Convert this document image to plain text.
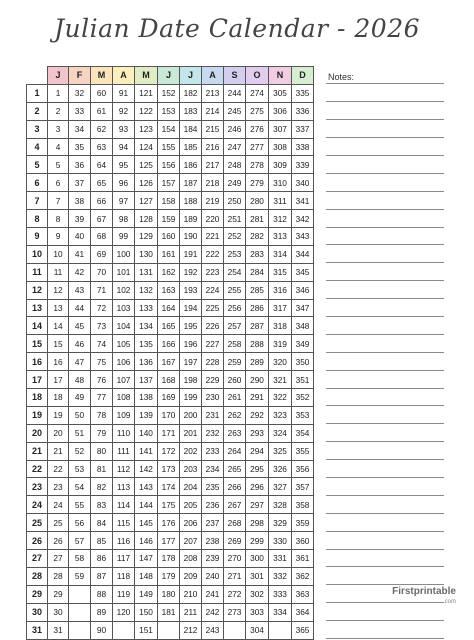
Julian Date Calendar - 2026
	J	F	M	A	M	J	J	A	S	O	N	D
1	1	32	60	91	121	152	182	213	244	274	305	335
2	2	33	61	92	122	153	183	214	245	275	306	336
3	3	34	62	93	123	154	184	215	246	276	307	337
4	4	35	63	94	124	155	185	216	247	277	308	338
5	5	36	64	95	125	156	186	217	248	278	309	339
6	6	37	65	96	126	157	187	218	249	279	310	340
7	7	38	66	97	127	158	188	219	250	280	311	341
8	8	39	67	98	128	159	189	220	251	281	312	342
9	9	40	68	99	129	160	190	221	252	282	313	343
10	10	41	69	100	130	161	191	222	253	283	314	344
11	11	42	70	101	131	162	192	223	254	284	315	345
12	12	43	71	102	132	163	193	224	255	285	316	346
13	13	44	72	103	133	164	194	225	256	286	317	347
14	14	45	73	104	134	165	195	226	257	287	318	348
15	15	46	74	105	135	166	196	227	258	288	319	349
16	16	47	75	106	136	167	197	228	259	289	320	350
17	17	48	76	107	137	168	198	229	260	290	321	351
18	18	49	77	108	138	169	199	230	261	291	322	352
19	19	50	78	109	139	170	200	231	262	292	323	353
20	20	51	79	110	140	171	201	232	263	293	324	354
21	21	52	80	111	141	172	202	233	264	294	325	355
22	22	53	81	112	142	173	203	234	265	295	326	356
23	23	54	82	113	143	174	204	235	266	296	327	357
24	24	55	83	114	144	175	205	236	267	297	328	358
25	25	56	84	115	145	176	206	237	268	298	329	359
26	26	57	85	116	146	177	207	238	269	299	330	360
27	27	58	86	117	147	178	208	239	270	300	331	361
28	28	59	87	118	148	179	209	240	271	301	332	362
29	29		88	119	149	180	210	241	272	302	333	363
30	30		89	120	150	181	211	242	273	303	334	364
31	31		90		151		212	243		304		365
Notes:
Firstprintable
.com
